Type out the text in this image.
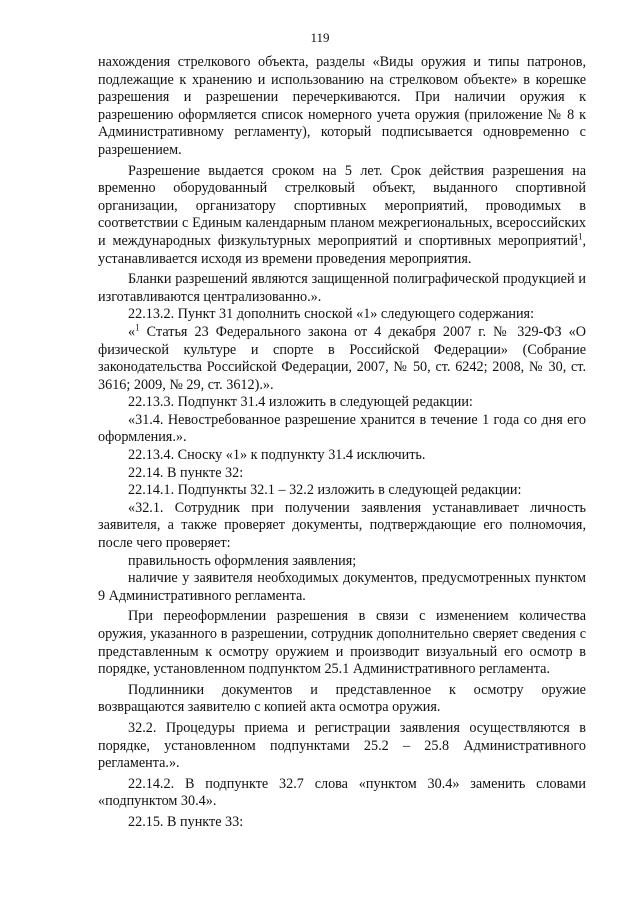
119

нахождения стрелкового объекта, разделы «Виды оружия и типы патронов, подлежащие к хранению и использованию на стрелковом объекте» в корешке разрешения и разрешении перечеркиваются. При наличии оружия к разрешению оформляется список номерного учета оружия (приложение № 8 к Административному регламенту), который подписывается одновременно с разрешением.

Разрешение выдается сроком на 5 лет. Срок действия разрешения на временно оборудованный стрелковый объект, выданного спортивной организации, организатору спортивных мероприятий, проводимых в соответствии с Единым календарным планом межрегиональных, всероссийских и международных физкультурных мероприятий и спортивных мероприятий$^1$, устанавливается исходя из времени проведения мероприятия.

Бланки разрешений являются защищенной полиграфической продукцией и изготавливаются централизованно.».

22.13.2. Пункт 31 дополнить сноской «1» следующего содержания:

«$^1$ Статья 23 Федерального закона от 4 декабря 2007 г. № 329-ФЗ «О физической культуре и спорте в Российской Федерации» (Собрание законодательства Российской Федерации, 2007, № 50, ст. 6242; 2008, № 30, ст. 3616; 2009, № 29, ст. 3612).».

22.13.3. Подпункт 31.4 изложить в следующей редакции:

«31.4. Невостребованное разрешение хранится в течение 1 года со дня его оформления.».

22.13.4. Сноску «1» к подпункту 31.4 исключить.

22.14. В пункте 32:

22.14.1. Подпункты 32.1 – 32.2 изложить в следующей редакции:

«32.1. Сотрудник при получении заявления устанавливает личность заявителя, а также проверяет документы, подтверждающие его полномочия, после чего проверяет:

правильность оформления заявления;

наличие у заявителя необходимых документов, предусмотренных пунктом 9 Административного регламента.

При переоформлении разрешения в связи с изменением количества оружия, указанного в разрешении, сотрудник дополнительно сверяет сведения с представленным к осмотру оружием и производит визуальный его осмотр в порядке, установленном подпунктом 25.1 Административного регламента.

Подлинники документов и представленное к осмотру оружие возвращаются заявителю с копией акта осмотра оружия.

32.2. Процедуры приема и регистрации заявления осуществляются в порядке, установленном подпунктами 25.2 – 25.8 Административного регламента.».

22.14.2. В подпункте 32.7 слова «пунктом 30.4» заменить словами «подпунктом 30.4».

22.15. В пункте 33:
